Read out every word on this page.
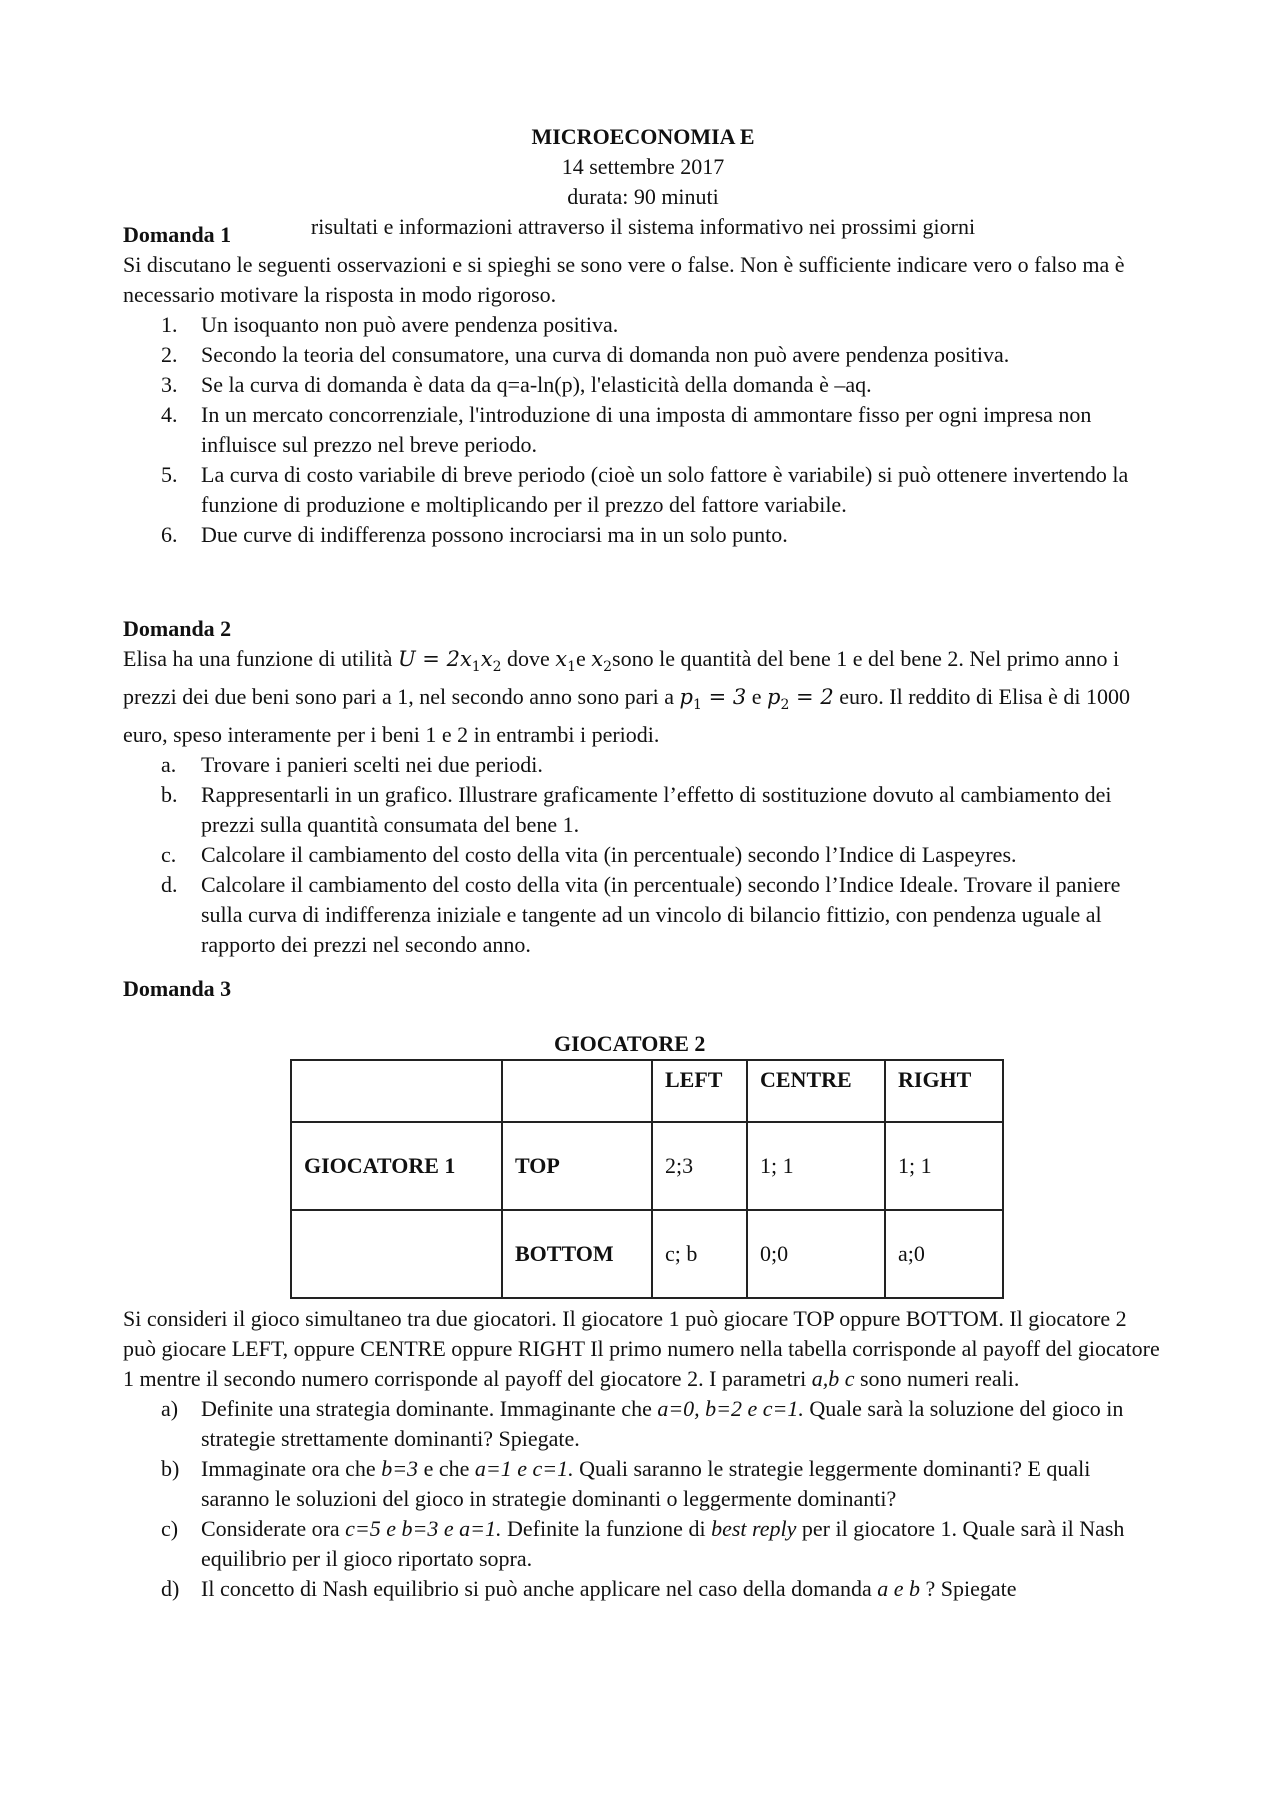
MICROECONOMIA E
14 settembre 2017
durata: 90 minuti
risultati e informazioni attraverso il sistema informativo nei prossimi giorni
Domanda 1
Si discutano le seguenti osservazioni e si spieghi se sono vere o false. Non è sufficiente indicare vero o falso ma è necessario motivare la risposta in modo rigoroso.
1.	Un isoquanto non può avere pendenza positiva.
2.	Secondo la teoria del consumatore, una curva di domanda non può avere pendenza positiva.
3.	Se la curva di domanda è data da q=a-ln(p), l'elasticità della domanda è –aq.
4.	In un mercato concorrenziale, l'introduzione di una imposta di ammontare fisso per ogni impresa non influisce sul prezzo nel breve periodo.
5.	La curva di costo variabile di breve periodo (cioè un solo fattore è variabile) si può ottenere invertendo la funzione di produzione e moltiplicando per il prezzo del fattore variabile.
6.	Due curve di indifferenza possono incrociarsi ma in un solo punto.
Domanda 2
Elisa ha una funzione di utilità $U = 2x_1x_2$ dove $x_1e$ $x_2sono$ le quantità del bene 1 e del bene 2. Nel primo anno i prezzi dei due beni sono pari a 1, nel secondo anno sono pari a $p_1 = 3$ e $p_2 = 2$ euro. Il reddito di Elisa è di 1000 euro, speso interamente per i beni 1 e 2 in entrambi i periodi.
a.	Trovare i panieri scelti nei due periodi.
b.	Rappresentarli in un grafico. Illustrare graficamente l’effetto di sostituzione dovuto al cambiamento dei prezzi sulla quantità consumata del bene 1.
c.	Calcolare il cambiamento del costo della vita (in percentuale) secondo l’Indice di Laspeyres.
d.	Calcolare il cambiamento del costo della vita (in percentuale) secondo l’Indice Ideale. Trovare il paniere sulla curva di indifferenza iniziale e tangente ad un vincolo di bilancio fittizio, con pendenza uguale al rapporto dei prezzi nel secondo anno.
Domanda 3
GIOCATORE 2
		LEFT	CENTRE	RIGHT
GIOCATORE 1	TOP	2;3	1; 1	1; 1
	BOTTOM	c; b	0;0	a;0
Si consideri il gioco simultaneo tra due giocatori. Il giocatore 1 può giocare TOP oppure BOTTOM. Il giocatore 2 può giocare LEFT, oppure CENTRE oppure RIGHT Il primo numero nella tabella corrisponde al payoff del giocatore 1 mentre il secondo numero corrisponde al payoff del giocatore 2. I parametri a,b c sono numeri reali.
a)	Definite una strategia dominante. Immaginante che a=0, b=2 e c=1. Quale sarà la soluzione del gioco in strategie strettamente dominanti? Spiegate.
b) Immaginate ora che b=3 e che a=1 e c=1. Quali saranno le strategie leggermente dominanti? E quali saranno le soluzioni del gioco in strategie dominanti o leggermente dominanti?
c)	Considerate ora c=5 e b=3 e a=1. Definite la funzione di best reply per il giocatore 1. Quale sarà il Nash equilibrio per il gioco riportato sopra.
d) Il concetto di Nash equilibrio si può anche applicare nel caso della domanda a e b ? Spiegate
